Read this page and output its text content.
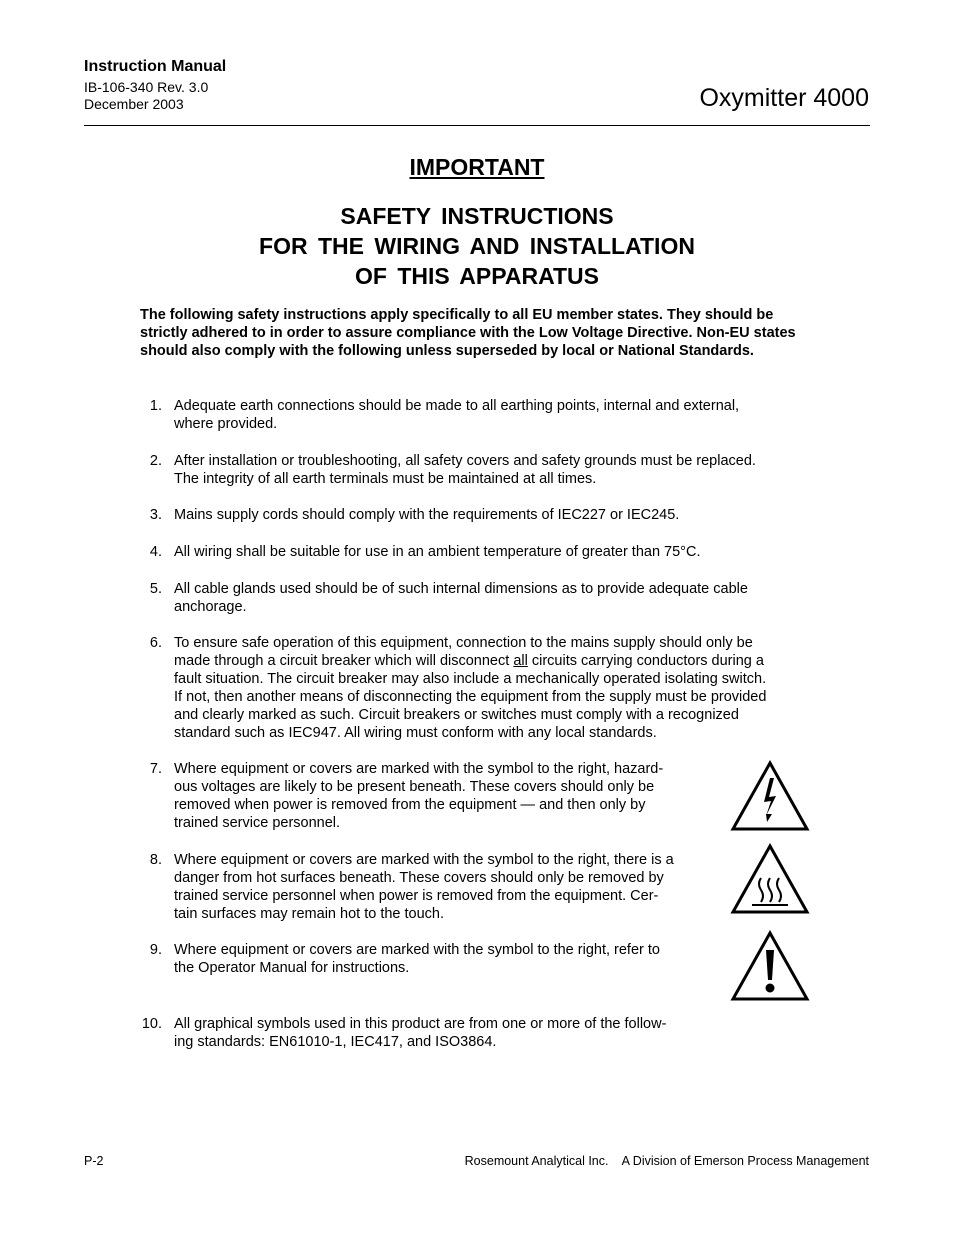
Instruction Manual
IB-106-340 Rev. 3.0
December 2003	Oxymitter 4000
IMPORTANT
SAFETY INSTRUCTIONS
FOR THE WIRING AND INSTALLATION
OF THIS APPARATUS
The following safety instructions apply specifically to all EU member states. They should be strictly adhered to in order to assure compliance with the Low Voltage Directive. Non-EU states should also comply with the following unless superseded by local or National Standards.
1. Adequate earth connections should be made to all earthing points, internal and external,
where provided.
2. After installation or troubleshooting, all safety covers and safety grounds must be replaced.
The integrity of all earth terminals must be maintained at all times.
3. Mains supply cords should comply with the requirements of IEC227 or IEC245.
4. All wiring shall be suitable for use in an ambient temperature of greater than 75°C.
5. All cable glands used should be of such internal dimensions as to provide adequate cable
anchorage.
6. To ensure safe operation of this equipment, connection to the mains supply should only be
made through a circuit breaker which will disconnect all circuits carrying conductors during a
fault situation. The circuit breaker may also include a mechanically operated isolating switch.
If not, then another means of disconnecting the equipment from the supply must be provided
and clearly marked as such. Circuit breakers or switches must comply with a recognized
standard such as IEC947. All wiring must conform with any local standards.
7. Where equipment or covers are marked with the symbol to the right, hazard-
ous voltages are likely to be present beneath. These covers should only be
removed when power is removed from the equipment — and then only by
trained service personnel.
8. Where equipment or covers are marked with the symbol to the right, there is a
danger from hot surfaces beneath. These covers should only be removed by
trained service personnel when power is removed from the equipment. Cer-
tain surfaces may remain hot to the touch.
9. Where equipment or covers are marked with the symbol to the right, refer to
the Operator Manual for instructions.
10. All graphical symbols used in this product are from one or more of the follow-
ing standards: EN61010-1, IEC417, and ISO3864.
P-2	Rosemount Analytical Inc.    A Division of Emerson Process Management
